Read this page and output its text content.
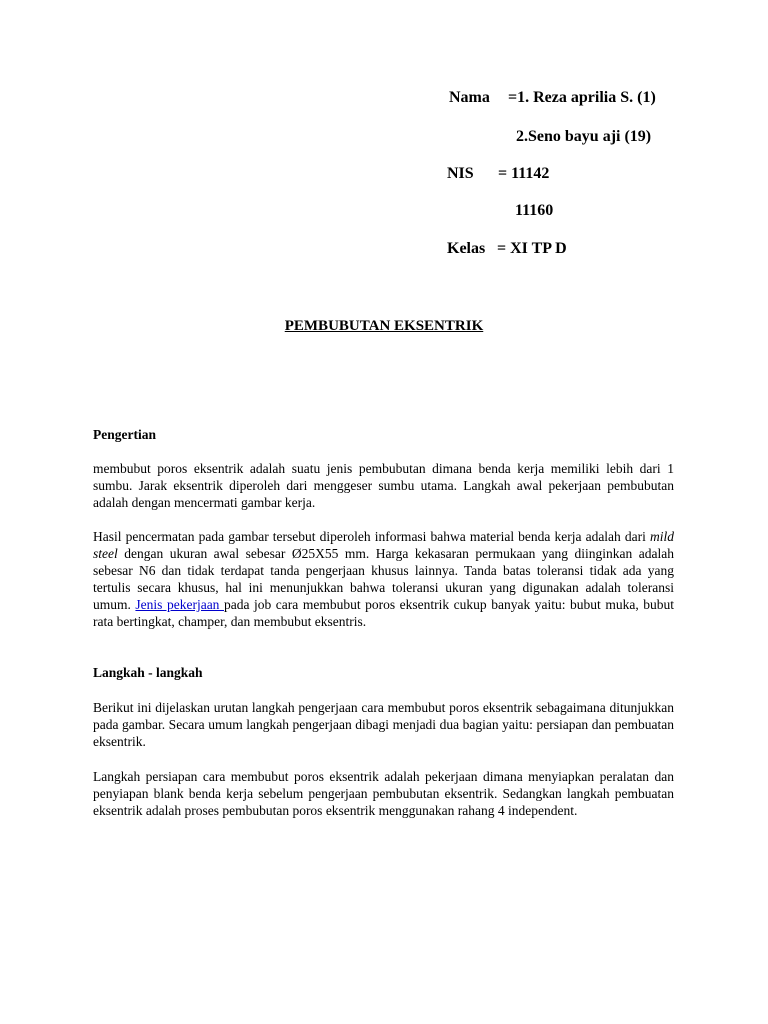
Nama =1. Reza aprilia S. (1)
2.Seno bayu aji (19)
NIS = 11142
11160
Kelas = XI TP D
PEMBUBUTAN EKSENTRIK
Pengertian

membubut poros eksentrik adalah suatu jenis pembubutan dimana benda kerja memiliki lebih dari 1 sumbu. Jarak eksentrik diperoleh dari menggeser sumbu utama. Langkah awal pekerjaan pembubutan adalah dengan mencermati gambar kerja.

Hasil pencermatan pada gambar tersebut diperoleh informasi bahwa material benda kerja adalah dari mild steel dengan ukuran awal sebesar Ø25X55 mm. Harga kekasaran permukaan yang diinginkan adalah sebesar N6 dan tidak terdapat tanda pengerjaan khusus lainnya. Tanda batas toleransi tidak ada yang tertulis secara khusus, hal ini menunjukkan bahwa toleransi ukuran yang digunakan adalah toleransi umum. Jenis pekerjaan pada job cara membubut poros eksentrik cukup banyak yaitu: bubut muka, bubut rata bertingkat, champer, dan membubut eksentris.

Langkah - langkah

Berikut ini dijelaskan urutan langkah pengerjaan cara membubut poros eksentrik sebagaimana ditunjukkan pada gambar. Secara umum langkah pengerjaan dibagi menjadi dua bagian yaitu: persiapan dan pembuatan eksentrik.

Langkah persiapan cara membubut poros eksentrik adalah pekerjaan dimana menyiapkan peralatan dan penyiapan blank benda kerja sebelum pengerjaan pembubutan eksentrik. Sedangkan langkah pembuatan eksentrik adalah proses pembubutan poros eksentrik menggunakan rahang 4 independent.
